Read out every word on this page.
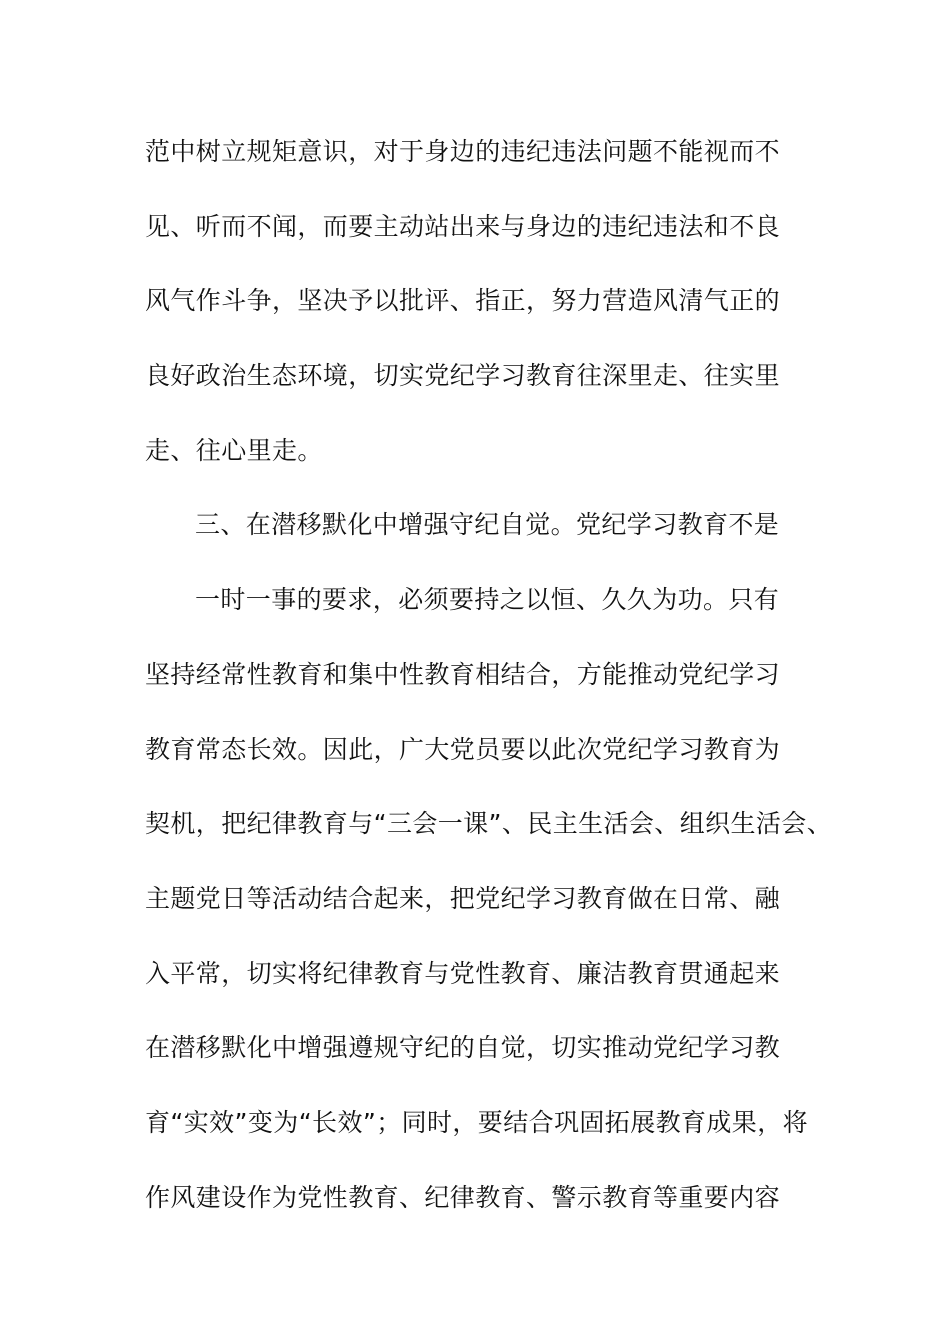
范中树立规矩意识，对于身边的违纪违法问题不能视而不
见、听而不闻，而要主动站出来与身边的违纪违法和不良
风气作斗争，坚决予以批评、指正，努力营造风清气正的
良好政治生态环境，切实党纪学习教育往深里走、往实里
走、往心里走。
三、在潜移默化中增强守纪自觉。党纪学习教育不是
一时一事的要求，必须要持之以恒、久久为功。只有
坚持经常性教育和集中性教育相结合，方能推动党纪学习
教育常态长效。因此，广大党员要以此次党纪学习教育为
契机，把纪律教育与“三会一课”、民主生活会、组织生活会、
主题党日等活动结合起来，把党纪学习教育做在日常、融
入平常，切实将纪律教育与党性教育、廉洁教育贯通起来
在潜移默化中增强遵规守纪的自觉，切实推动党纪学习教
育“实效”变为“长效”；同时，要结合巩固拓展教育成果，将
作风建设作为党性教育、纪律教育、警示教育等重要内容
